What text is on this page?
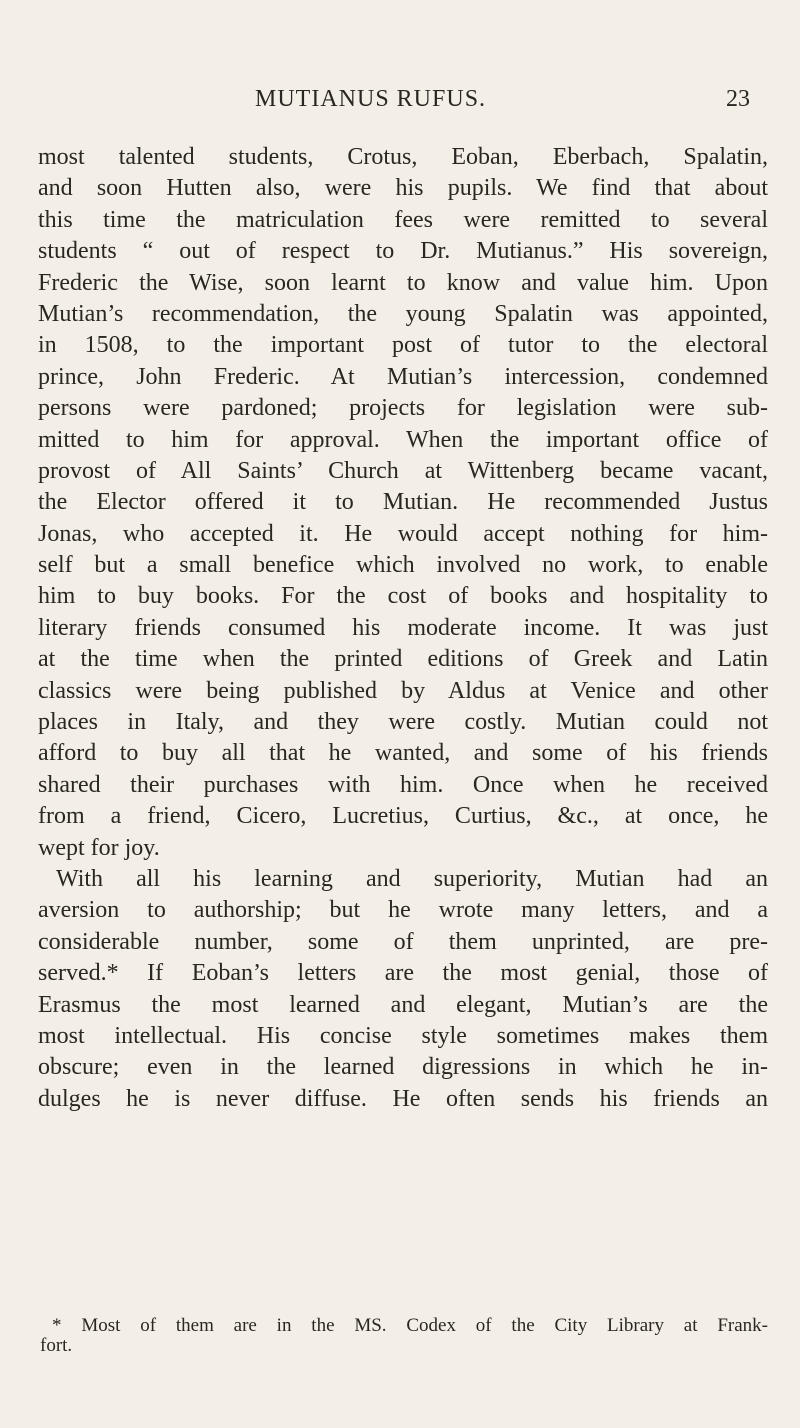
MUTIANUS RUFUS.	23
most talented students, Crotus, Eoban, Eberbach, Spalatin,
and soon Hutten also, were his pupils. We find that about
this time the matriculation fees were remitted to several
students “ out of respect to Dr. Mutianus.” His sovereign,
Frederic the Wise, soon learnt to know and value him. Upon
Mutian’s recommendation, the young Spalatin was appointed,
in 1508, to the important post of tutor to the electoral
prince, John Frederic. At Mutian’s intercession, condemned
persons were pardoned; projects for legislation were sub-
mitted to him for approval. When the important office of
provost of All Saints’ Church at Wittenberg became vacant,
the Elector offered it to Mutian. He recommended Justus
Jonas, who accepted it. He would accept nothing for him-
self but a small benefice which involved no work, to enable
him to buy books. For the cost of books and hospitality to
literary friends consumed his moderate income. It was just
at the time when the printed editions of Greek and Latin
classics were being published by Aldus at Venice and other
places in Italy, and they were costly. Mutian could not
afford to buy all that he wanted, and some of his friends
shared their purchases with him. Once when he received
from a friend, Cicero, Lucretius, Curtius, &c., at once, he
wept for joy.
With all his learning and superiority, Mutian had an
aversion to authorship; but he wrote many letters, and a
considerable number, some of them unprinted, are pre-
served.* If Eoban’s letters are the most genial, those of
Erasmus the most learned and elegant, Mutian’s are the
most intellectual. His concise style sometimes makes them
obscure; even in the learned digressions in which he in-
dulges he is never diffuse. He often sends his friends an
* Most of them are in the MS. Codex of the City Library at Frank-
fort.
